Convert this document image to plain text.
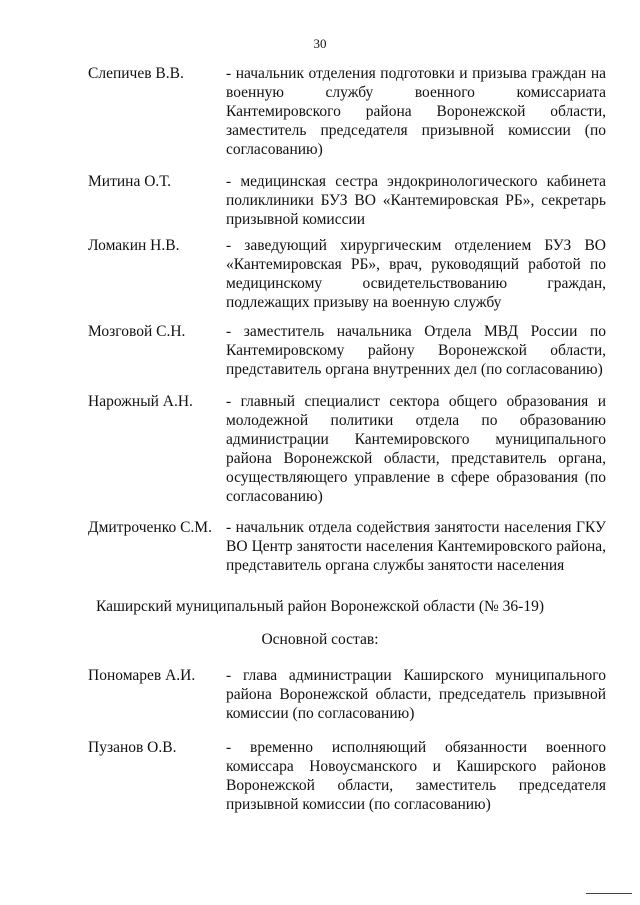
30
Слепичев В.В.	- начальник отделения подготовки и призыва граждан на военную службу военного комиссариата Кантемировского района Воронежской области, заместитель председателя призывной комиссии (по согласованию)
Митина О.Т.	- медицинская сестра эндокринологического кабинета поликлиники БУЗ ВО «Кантемировская РБ», секретарь призывной комиссии
Ломакин Н.В.	- заведующий хирургическим отделением БУЗ ВО «Кантемировская РБ», врач, руководящий работой по медицинскому освидетельствованию граждан, подлежащих призыву на военную службу
Мозговой С.Н.	- заместитель начальника Отдела МВД России по Кантемировскому району Воронежской области, представитель органа внутренних дел (по согласованию)
Нарожный А.Н. - главный специалист сектора общего образования и молодежной политики отдела по образованию администрации Кантемировского муниципального района Воронежской области, представитель органа, осуществляющего управление в сфере образования (по согласованию)
Дмитроченко С.М. - начальник отдела содействия занятости населения ГКУ ВО Центр занятости населения Кантемировского района, представитель органа службы занятости населения
Каширский муниципальный район Воронежской области (№ 36-19)
Основной состав:
Пономарев А.И. - глава администрации Каширского муниципального района Воронежской области, председатель призывной комиссии (по согласованию)
Пузанов О.В.	- временно исполняющий обязанности военного комиссара Новоусманского и Каширского районов Воронежской области, заместитель председателя призывной комиссии (по согласованию)
